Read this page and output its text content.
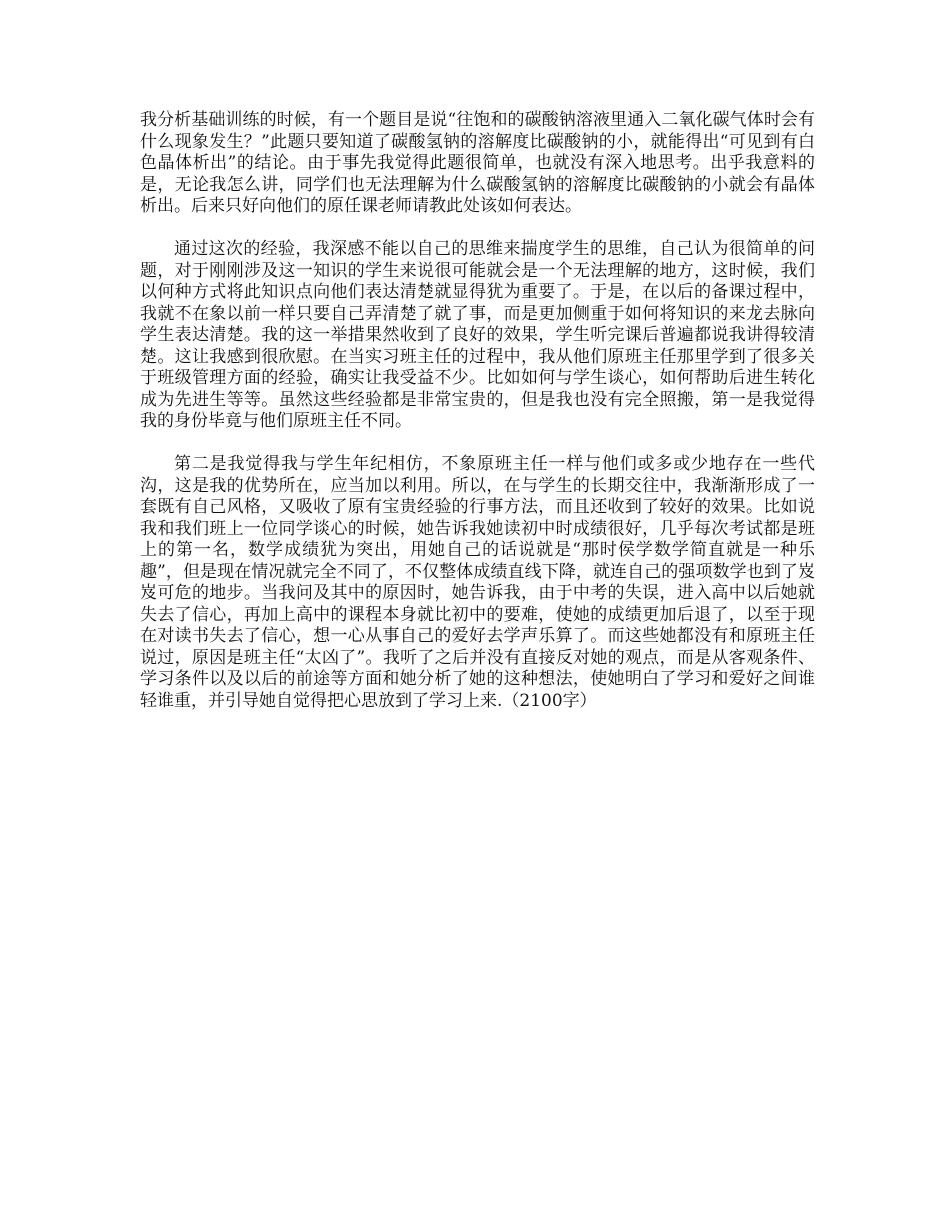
我分析基础训练的时候，有一个题目是说“往饱和的碳酸钠溶液里通入二氧化碳气体时会有什么现象发生？”此题只要知道了碳酸氢钠的溶解度比碳酸钠的小，就能得出“可见到有白色晶体析出”的结论。由于事先我觉得此题很简单，也就没有深入地思考。出乎我意料的是，无论我怎么讲，同学们也无法理解为什么碳酸氢钠的溶解度比碳酸钠的小就会有晶体析出。后来只好向他们的原任课老师请教此处该如何表达。

通过这次的经验，我深感不能以自己的思维来揣度学生的思维，自己认为很简单的问题，对于刚刚涉及这一知识的学生来说很可能就会是一个无法理解的地方，这时候，我们以何种方式将此知识点向他们表达清楚就显得犹为重要了。于是，在以后的备课过程中，我就不在象以前一样只要自己弄清楚了就了事，而是更加侧重于如何将知识的来龙去脉向学生表达清楚。我的这一举措果然收到了良好的效果，学生听完课后普遍都说我讲得较清楚。这让我感到很欣慰。在当实习班主任的过程中，我从他们原班主任那里学到了很多关于班级管理方面的经验，确实让我受益不少。比如如何与学生谈心，如何帮助后进生转化成为先进生等等。虽然这些经验都是非常宝贵的，但是我也没有完全照搬，第一是我觉得我的身份毕竟与他们原班主任不同。

第二是我觉得我与学生年纪相仿，不象原班主任一样与他们或多或少地存在一些代沟，这是我的优势所在，应当加以利用。所以，在与学生的长期交往中，我渐渐形成了一套既有自己风格，又吸收了原有宝贵经验的行事方法，而且还收到了较好的效果。比如说我和我们班上一位同学谈心的时候，她告诉我她读初中时成绩很好，几乎每次考试都是班上的第一名，数学成绩犹为突出，用她自己的话说就是“那时侯学数学简直就是一种乐趣”，但是现在情况就完全不同了，不仅整体成绩直线下降，就连自己的强项数学也到了岌岌可危的地步。当我问及其中的原因时，她告诉我，由于中考的失误，进入高中以后她就失去了信心，再加上高中的课程本身就比初中的要难，使她的成绩更加后退了，以至于现在对读书失去了信心，想一心从事自己的爱好去学声乐算了。而这些她都没有和原班主任说过，原因是班主任“太凶了”。我听了之后并没有直接反对她的观点，而是从客观条件、学习条件以及以后的前途等方面和她分析了她的这种想法，使她明白了学习和爱好之间谁轻谁重，并引导她自觉得把心思放到了学习上来.（2100字）
